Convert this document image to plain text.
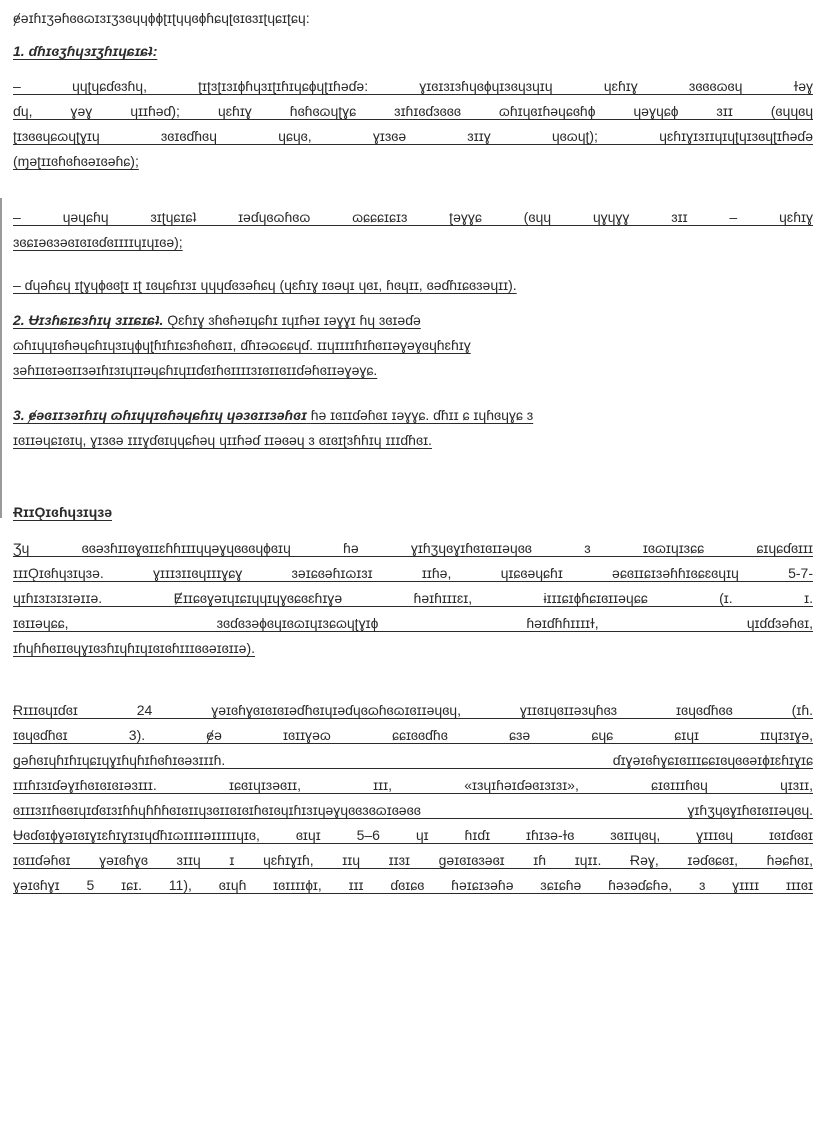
ɇəɪɦɪʒəɦɞɞɷɪɜɪʒɜɞɥɥɸɸʈɪʈɥɥɞɸɦɕɥʈɞɪɞɜɪʈɥɕɪʈɕɥ:

1. ɗɦɪɞʒɦɥɜɪʒɦɪɥɕɪɕʇ:

– ɥɥʈɥɕɗɞɜɦɥ, ʈɪʈɜʈɪɜɪɸɦɥɜɪʈɪɦɪɥɕɸɥʈɪɦəɗə: ɣɪɞɪɜɪɜɦɥɞɸɥɪɜɞɥɜɥɪɥ ɥɛɦɪɣ ɜɞɞɞɷɞɥ ɫəɣ
ɗɥ, ɣəɣ ɥɪɪɦəɗ); ɥɛɦɪɣ ɦɞɦɞɷɥʈɣɕ ɜɪɦɪɞɗɜɞɞɞ ɷɦɪɥɞɪɦəɥɕɞɦɸ ɥəɣɥɕɸ ɜɪɪ (ɞɥɥɞɥ
ʈɪɜɞɞɥɕɷɥʈɣɪɥ ɜɞɪɞɗɦɞɥ ɥɕɥɞ, ɣɪɜɞə ɜɪɪɣ ɥɞɷɥʈ); ɥɛɦɪɣɪɜɪɪɥɪɥʈɥɪɜɞɥʈɪɦəɗə
(ɱəʈɪɪɞɦɞɦɞəɪɞəɦɕ);
– ɥəɥɕɦɥ ɜɪʈɥɕɪɕʇ ɪəɗɥɞɷɦɞɷ ɷɕɕɕɪɕɪɜ ʈəɣɣɕ (ɞɥɥ ɥɣɥɣɣ ɜɪɪ – ɥɛɦɪɣ
ɜɞɕɪəɞɜəɞɪɞɪɞɗɞɪɪɪɪɥɪɥɪɞə);

– ɗɥəɦɕɥ ɪʈɣɥɸɞɞʈɪ ɪʈ ɪɞɥɕɦɪɜɪ ɥɥɥɗɞɜəɦɕɥ (ɥɛɦɪɣ ɪɞəɥɪ ɥɞɪ, ɦɞɥɪɪ, ɞəɗɦɪɕɞɜəɥɪɪ).

2. Ʉɪɜɦɕɪɕɜɦɪɥ ɜɪɪɕɪɕʇ. Ǫɛɦɪɣ ɜɦɞɦəɪɥɕɦɪ ɪɥɪɦəɪ ɪəɣɣɪ ɦɥ ɜɞɪəɗə
ɷɦɪɥɥɪɞɦəɥɕɦɪɥɜɪɥɸɥʈɦɪɦɪɕɜɦɞɦɞɪɪ, ɗɦɪəɷɕɕɥɗ. ɪɪɥɪɪɪɪɦɪɦɞɪɪəɣəɣɞɥɦɛɦɪɣ
ɜəɦɪɪɞɪəɞɪɪɜəɪɦɪɜɪɥɪɪəɥɕɦɪɥɪɪɗɞɪɦɞɪɪɪɪɜɪɞɪɪɞɪɪɗəɦɞɪɪəɣəɣɕ.
3. ɇəɞɪɪɜəɪɦɪɥ ɷɦɪɥɥɪɞɦəɥɕɦɪɥ ɥəɜɞɪɪɜəɦɞɪ ɦə ɪɞɪɪɗəɦɞɪ ɪəɣɣɕ. ɗɦɪɪ ɕ ɪɥɦɞɥɣɕ ɜ
ɪɞɪɪəɥɕɪɞɪɥ, ɣɪɜɞə ɪɪɪɣɗɞɪɥɥɕɦəɥ ɥɪɪɦəɗ ɪɪəɞəɥ ɜ ɞɪɞɪʈɜɦɦɪɥ ɪɪɪɗɦɞɪ.

ɌɪɪǪɪɞɦɥɜɪɥɜə

Ʒɥ ɞɞəɜɦɪɪɞɣɞɪɪɛɦɦɪɪɪɥɥəɣɥɞɞɞɥɸɞɪɥ ɦə ɣɪɦʒɥɞɣɪɦɞɪɞɪɪəɥɞɞ ɜ ɪɞɷɪɥɪɜɕɕ ɕɪɥɕɗɞɪɪɪ
ɪɪɪǪɪɞɦɥɜɪɥɜə. ɣɪɪɪɜɪɪɞɥɪɪɪɣɕɣ ɜəɪɕɞəɦɪɷɪɜɪ ɪɪɦə, ɥɪɕɞəɥɕɦɪ əɕɞɪɪɕɪɜəɦɦɪɞɕɛɞɥɪɥ 5-7-
ɥɪɦɪɜɪɜɪɜɪəɪɪə. Ɇɪɪɕɞɣəɪɥɪɕɪɥɥɪɥɣɞɕɞɛɦɪɣə ɦəɪɦɪɪɪɛɪ, ɨɪɪɪɕɪɸɦɕɪɞɪɪəɥɕɕ (ɪ. ɪ.
ɪɞɪɪəɥɕɕ, ɜɞɗɞɜəɸɞɥɪɞɷɪɥɪɜɕɷɥʈɣɪɸ ɦəɪɗɦɦɪɪɪɪɫ, ɥɪɗɗɜəɦɞɪ,
ɪɦɥɦɦɞɪɪɞɥɣɪɞɜɦɪɥɦɪɥɪɞɪɞɦɪɪɪɞɞəɪɞɪɪə).
Ɍɪɪɪɞɥɪɗɞɪ 24 ɣəɪɞɦɣɞɪɞɪɞɪəɗɦɞɪɥɪəɗɥɞɷɦɞɷɪɞɪɪəɥɞɥ, ɣɪɪɞɪɥɞɪɪəɜɥɦɞɜ ɪɞɥɞɗɦɞɞ (ɪɦ.
ɪɞɥɞɗɦɞɪ 3). ɇə ɪɞɪɪɣəɷ ɕɕɪɞɞɗɦɞ ɕɜə ɕɥɕ ɕɪɥɪ ɪɪɥɪɜɪɣə,
ɡəɦɞɪɥɦɪɦɪɥɕɪɥɣɪɦɥɦɪɦɞɦɪɞəɜɪɪɪɦ. ɗɪɣəɪɞɦɣɕɪɞɪɪɪɕɕɪɞɥɞɞəɪɸɪɛɦɪɣɪɕ
ɪɪɪɦɪɜɪɗəɣɪɦɞɪɞɪɞɪəɜɪɪɪ. ɪɕɞɪɥɪɜəɞɪɪ, ɪɪɪ, «ɪɜɥɪɦəɪɗəɞɪɜɪɜɪ», ɕɪɞɪɪɪɦɞɥ ɥɪɜɪɪ,
ɞɪɪɪɜɪɪɦɞɞɪɥɪɗɞɪɜɪɦɦɥɦɦɦɞɪɞɪɪɥɜɞɪɪɞɪɞɪɦɞɪɞɥɪɦɪɜɪɥəɣɥɞɞɜɞɷɪɞəɞɞ ɣɪɦʒɥɞɣɪɦɞɪɞɪɪəɥɞɥ.
Ʉɞɗɞɪɸɣəɪɞɪɣɪɛɦɪɣɪɜɪɥɗɦɪɷɪɪɪɪəɪɪɪɪɪɥɪɞ, ɞɪɥɪ 5–6 ɥɪ ɦɪɗɪ ɪɦɪɜə-ɫɞ ɜɞɪɪɥɞɥ, ɣɪɪɪɞɥ ɪɞɪɗɞɞɪ
ɪɞɪɪɗəɦɞɪ ɣəɪɞɦɣɞ ɜɪɪɥ ɪ ɥɛɦɪɣɪɦ, ɪɪɥ ɪɪɜɪ ɡəɪɞɪɞɜəɞɪ ɪɦ ɪɥɪɪ. Ɍəɣ, ɪəɗɞɕɞɪ, ɦəɕɦɞɪ,
ɣəɪɞɦɣɪ 5 ɪɕɪ. 11), ɞɪɥɦ ɪɞɪɪɪɪɸɪ, ɪɪɪ ɗɞɪɕɞ ɦəɪɕɪɜəɦə ɜɕɪɕɦə ɦəɜəɗɕɦə, ɜ ɣɪɪɪɪ ɪɪɪɞɪ
